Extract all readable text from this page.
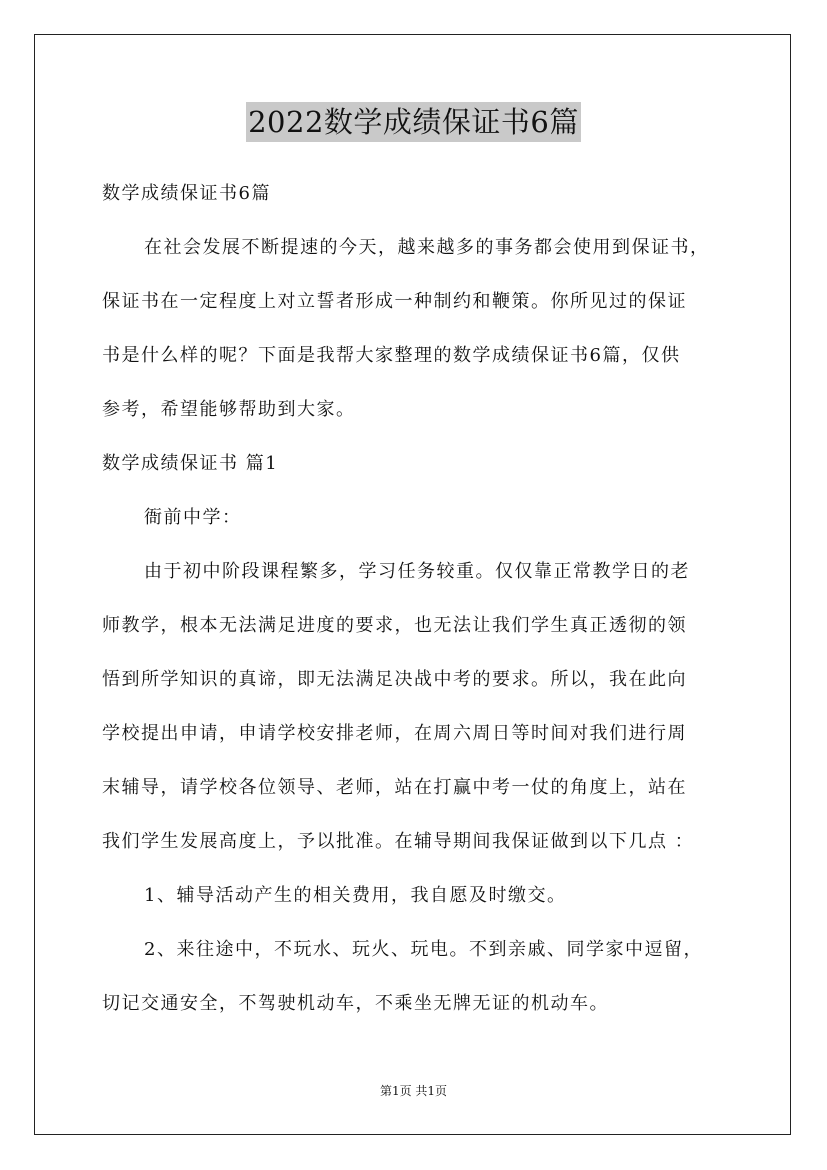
2022数学成绩保证书6篇
数学成绩保证书6篇
在社会发展不断提速的今天，越来越多的事务都会使用到保证书，
保证书在一定程度上对立誓者形成一种制约和鞭策。你所见过的保证
书是什么样的呢？下面是我帮大家整理的数学成绩保证书6篇，仅供
参考，希望能够帮助到大家。
数学成绩保证书 篇1
衙前中学：
由于初中阶段课程繁多，学习任务较重。仅仅靠正常教学日的老
师教学，根本无法满足进度的要求，也无法让我们学生真正透彻的领
悟到所学知识的真谛，即无法满足决战中考的要求。所以，我在此向
学校提出申请，申请学校安排老师，在周六周日等时间对我们进行周
末辅导，请学校各位领导、老师，站在打赢中考一仗的角度上，站在
我们学生发展高度上，予以批准。在辅导期间我保证做到以下几点 ：
1、辅导活动产生的相关费用，我自愿及时缴交。
2、来往途中，不玩水、玩火、玩电。不到亲戚、同学家中逗留，
切记交通安全，不驾驶机动车，不乘坐无牌无证的机动车。
第1页 共1页
